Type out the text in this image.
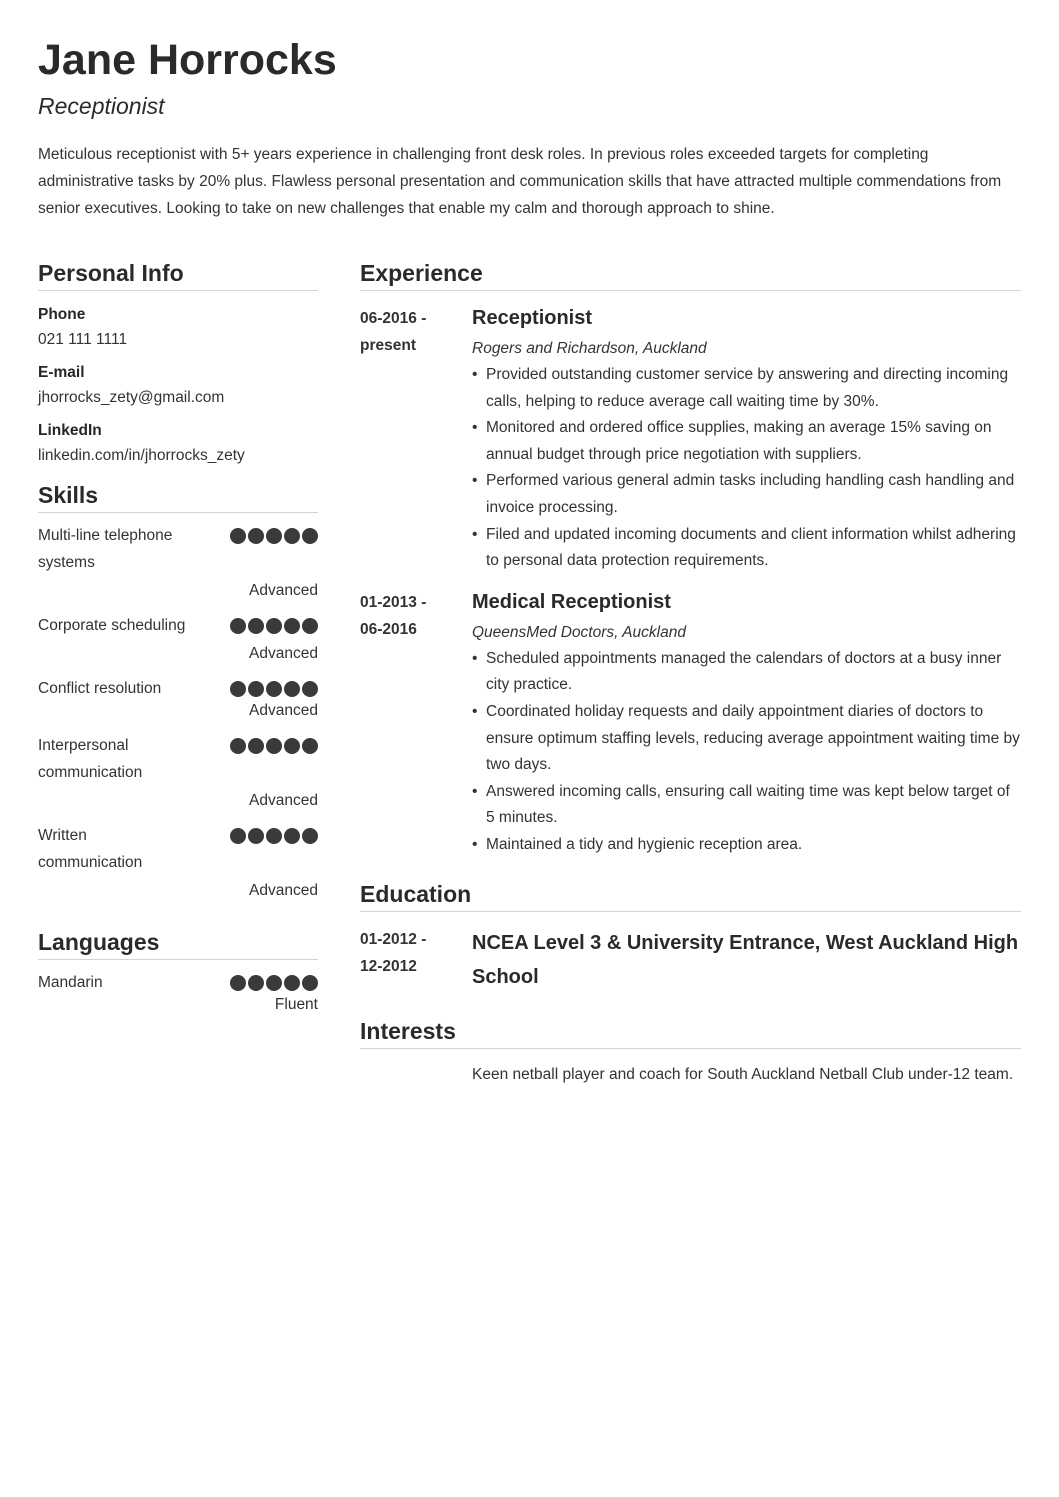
Jane Horrocks

Receptionist

Meticulous receptionist with 5+ years experience in challenging front desk roles. In previous roles exceeded targets for completing administrative tasks by 20% plus. Flawless personal presentation and communication skills that have attracted multiple commendations from senior executives. Looking to take on new challenges that enable my calm and thorough approach to shine.

Personal Info
Phone
021 111 1111
E-mail
jhorrocks_zety@gmail.com
LinkedIn
linkedin.com/in/jhorrocks_zety
Skills
Multi-line telephone systems
Advanced
Corporate scheduling
Advanced
Conflict resolution
Advanced
Interpersonal communication
Advanced
Written communication
Advanced
Languages
Mandarin
Fluent
Experience
06-2016 -
present
Receptionist
Rogers and Richardson, Auckland
• Provided outstanding customer service by answering and directing incoming calls, helping to reduce average call waiting time by 30%.
• Monitored and ordered office supplies, making an average 15% saving on annual budget through price negotiation with suppliers.
• Performed various general admin tasks including handling cash handling and invoice processing.
• Filed and updated incoming documents and client information whilst adhering to personal data protection requirements.
01-2013 -
06-2016
Medical Receptionist
QueensMed Doctors, Auckland
• Scheduled appointments managed the calendars of doctors at a busy inner city practice.
• Coordinated holiday requests and daily appointment diaries of doctors to ensure optimum staffing levels, reducing average appointment waiting time by two days.
• Answered incoming calls, ensuring call waiting time was kept below target of 5 minutes.
• Maintained a tidy and hygienic reception area.
Education
01-2012 -
12-2012
NCEA Level 3 & University Entrance, West Auckland High School
Interests
Keen netball player and coach for South Auckland Netball Club under-12 team.
